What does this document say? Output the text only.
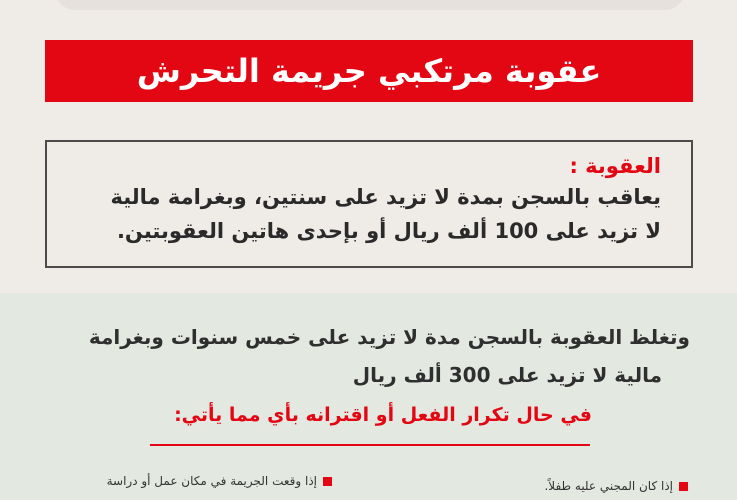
عقوبة مرتكبي جريمة التحرش
العقوبة :
يعاقب بالسجن بمدة لا تزيد على سنتين، وبغرامة مالية
لا تزيد على 100 ألف ريال أو بإحدى هاتين العقوبتين.
وتغلظ العقوبة بالسجن مدة لا تزيد على خمس سنوات وبغرامة
مالية لا تزيد على 300 ألف ريال
في حال تكرار الفعل أو اقترانه بأي مما يأتي:
إذا كان المجني عليه طفلاً.
إذا وقعت الجريمة في مكان عمل أو دراسة
